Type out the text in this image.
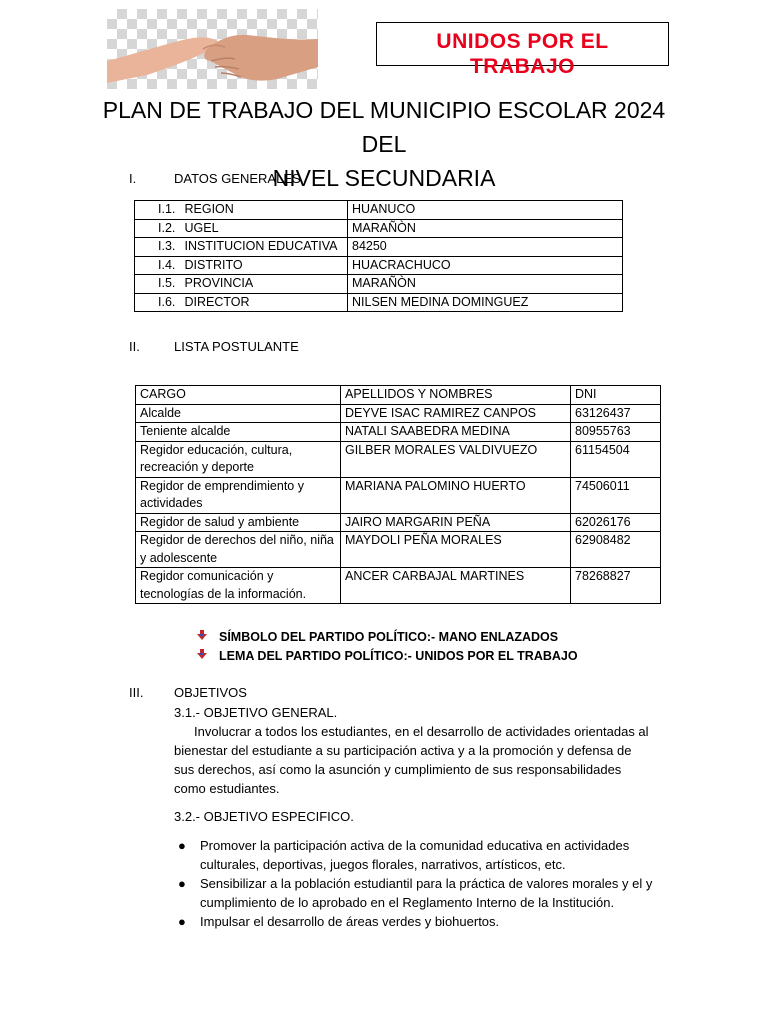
UNIDOS POR EL TRABAJO
PLAN DE TRABAJO DEL MUNICIPIO ESCOLAR 2024 DEL
NIVEL SECUNDARIA
I.	DATOS GENERALES
I.1. REGION	HUANUCO
I.2. UGEL	MARAÑÒN
I.3. INSTITUCION EDUCATIVA	84250
I.4. DISTRITO	HUACRACHUCO
I.5. PROVINCIA	MARAÑÒN
I.6. DIRECTOR	NILSEN MEDINA DOMINGUEZ
II.	LISTA POSTULANTE
CARGO	APELLIDOS Y NOMBRES	DNI
Alcalde	DEYVE ISAC RAMIREZ CANPOS	63126437
Teniente alcalde	NATALI SAABEDRA MEDINA	80955763
Regidor educación, cultura, recreación y deporte	GILBER MORALES VALDIVUEZO	61154504
Regidor de emprendimiento y actividades	MARIANA PALOMINO HUERTO	74506011
Regidor de salud y ambiente	JAIRO MARGARIN PEÑA	62026176
Regidor de derechos del niño, niña y adolescente	MAYDOLI PEÑA MORALES	62908482
Regidor comunicación y tecnologías de la información.	ANCER CARBAJAL MARTINES	78268827
SÍMBOLO DEL PARTIDO POLÍTICO:- MANO ENLAZADOS
LEMA DEL PARTIDO POLÍTICO:- UNIDOS POR EL TRABAJO
III. OBJETIVOS
3.1.- OBJETIVO GENERAL.
Involucrar a todos los estudiantes, en el desarrollo de actividades orientadas al bienestar del estudiante a su participación activa y a la promoción y defensa de sus derechos, así como la asunción y cumplimiento de sus responsabilidades como estudiantes.
3.2.- OBJETIVO ESPECIFICO.
● Promover la participación activa de la comunidad educativa en actividades culturales, deportivas, juegos florales, narrativos, artísticos, etc.
● Sensibilizar a la población estudiantil para la práctica de valores morales y el y cumplimiento de lo aprobado en el Reglamento Interno de la Institución.
● Impulsar el desarrollo de áreas verdes y biohuertos.
